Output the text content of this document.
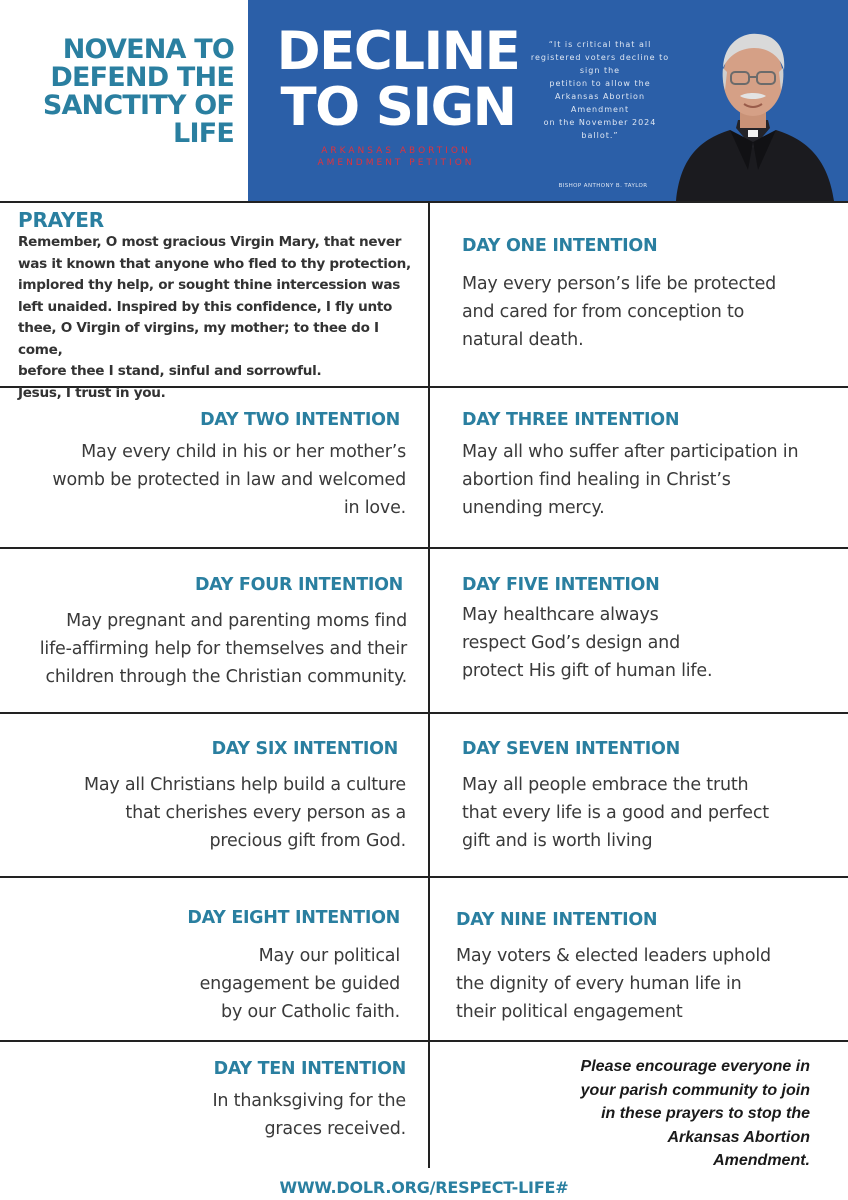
NOVENA TO
DEFEND THE
SANCTITY OF
LIFE
DECLINE
TO SIGN
ARKANSAS ABORTION
AMENDMENT PETITION
“It is critical that all
registered voters decline to
sign the
petition to allow the
Arkansas Abortion
Amendment
on the November 2024
ballot.”
BISHOP ANTHONY B. TAYLOR
PRAYER
Remember, O most gracious Virgin Mary, that never
was it known that anyone who fled to thy protection,
implored thy help, or sought thine intercession was
left unaided. Inspired by this confidence, I fly unto
thee, O Virgin of virgins, my mother; to thee do I come,
before thee I stand, sinful and sorrowful.
Jesus, I trust in you.
DAY ONE INTENTION
May every person’s life be protected
and cared for from conception to
natural death.
DAY TWO INTENTION
May every child in his or her mother’s
womb be protected in law and welcomed
in love.
DAY THREE INTENTION
May all who suffer after participation in
abortion find healing in Christ’s
unending mercy.
DAY FOUR INTENTION
May pregnant and parenting moms find
life-affirming help for themselves and their
children through the Christian community.
DAY FIVE INTENTION
May healthcare always
respect God’s design and
protect His gift of human life.
DAY SIX INTENTION
May all Christians help build a culture
that cherishes every person as a
precious gift from God.
DAY SEVEN INTENTION
May all people embrace the truth
that every life is a good and perfect
gift and is worth living
DAY EIGHT INTENTION
May our political
engagement be guided
by our Catholic faith.
DAY NINE INTENTION
May voters & elected leaders uphold
the dignity of every human life in
their political engagement
DAY TEN INTENTION
In thanksgiving for the
graces received.
Please encourage everyone in
your parish community to join
in these prayers to stop the
Arkansas Abortion
Amendment.
WWW.DOLR.ORG/RESPECT-LIFE#
